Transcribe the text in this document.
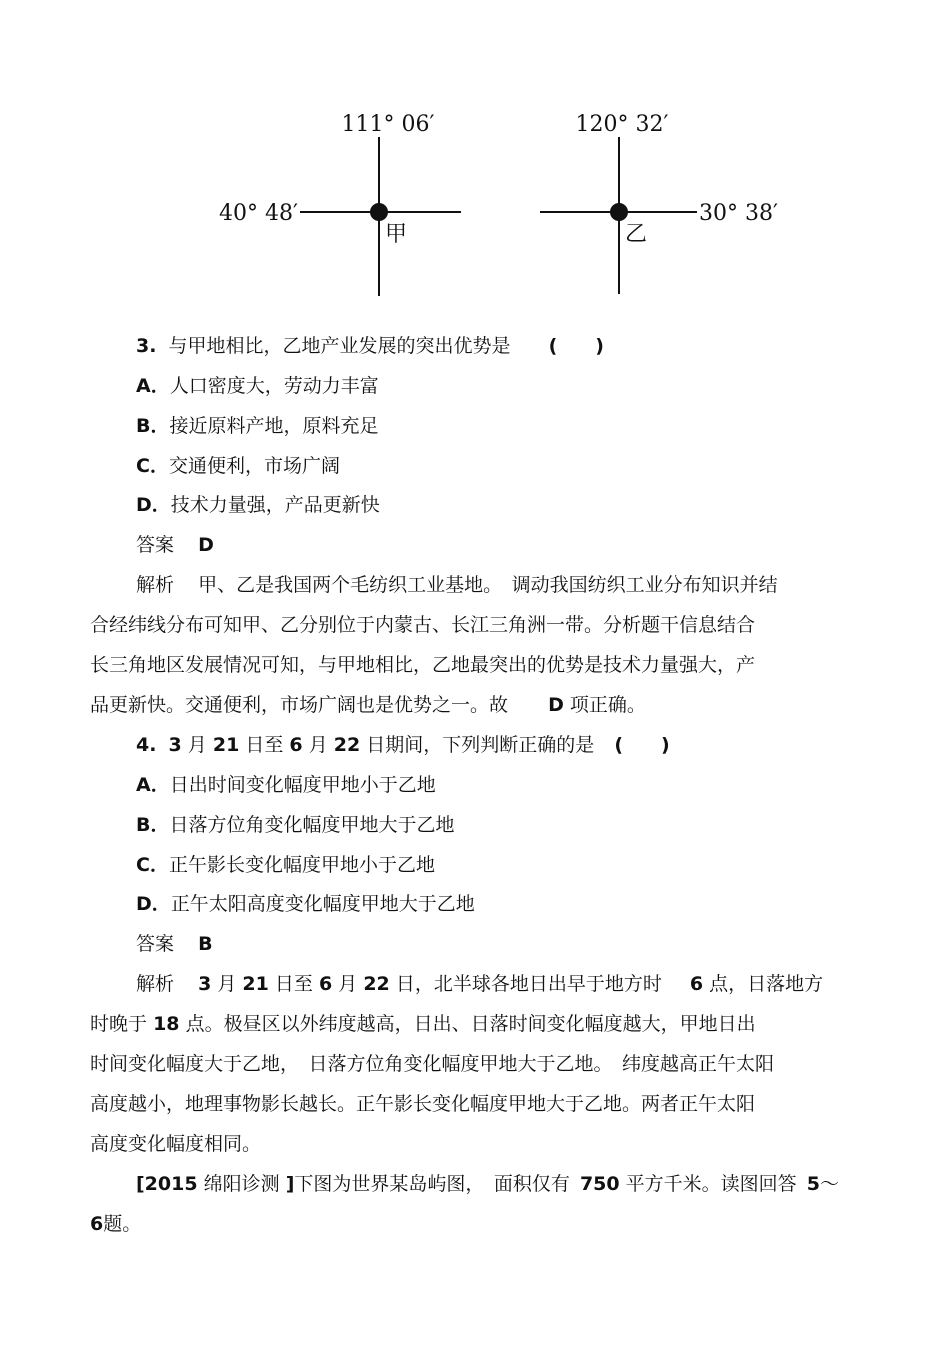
111° 06′
40° 48′
甲
120° 32′
30° 38′
乙
3. 与甲地相比，乙地产业发展的突出优势是 (　　)
A．人口密度大，劳动力丰富
B．接近原料产地，原料充足
C．交通便利，市场广阔
D．技术力量强，产品更新快
答案 D
解析 甲、乙是我国两个毛纺织工业基地。　调动我国纺织工业分布知识并结
合经纬线分布可知甲、乙分别位于内蒙古、长江三角洲一带。分析题干信息结合
长三角地区发展情况可知，与甲地相比，乙地最突出的优势是技术力量强大，产
品更新快。交通便利，市场广阔也是优势之一。故 D 项正确。
4. 3 月 21 日至 6 月 22 日期间，下列判断正确的是 (　　)
A．日出时间变化幅度甲地小于乙地
B．日落方位角变化幅度甲地大于乙地
C．正午影长变化幅度甲地小于乙地
D．正午太阳高度变化幅度甲地大于乙地
答案 B
解析 3 月 21 日至 6 月 22 日，北半球各地日出早于地方时 6 点，日落地方
时晚于 18 点。极昼区以外纬度越高，日出、日落时间变化幅度越大，甲地日出
时间变化幅度大于乙地，　日落方位角变化幅度甲地大于乙地。　纬度越高正午太阳
高度越小，地理事物影长越长。正午影长变化幅度甲地大于乙地。两者正午太阳
高度变化幅度相同。
[2015 绵阳诊测 ]下图为世界某岛屿图，　面积仅有 750 平方千米。读图回答 5～
6题。
